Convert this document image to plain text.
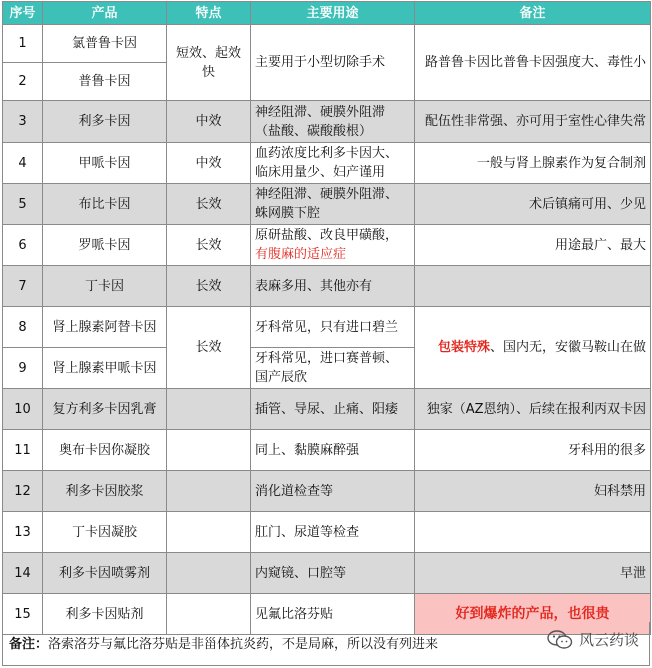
序号	产品	特点	主要用途	备注
1	氯普鲁卡因	短效、起效快	主要用于小型切除手术	路普鲁卡因比普鲁卡因强度大、毒性小
2	普鲁卡因			
3	利多卡因	中效	神经阻滞、硬膜外阻滞（盐酸、碳酸酸根）	配伍性非常强、亦可用于室性心律失常
4	甲哌卡因	中效	血药浓度比利多卡因大、临床用量少、妇产谨用	一般与肾上腺素作为复合制剂
5	布比卡因	长效	神经阻滞、硬膜外阻滞、蛛网膜下腔	术后镇痛可用、少见
6	罗哌卡因	长效	原研盐酸、改良甲磺酸，有腹麻的适应症	用途最广、最大
7	丁卡因	长效	表麻多用、其他亦有	
8	肾上腺素阿替卡因	长效	牙科常见，只有进口碧兰	包装特殊、国内无，安徽马鞍山在做
9	肾上腺素甲哌卡因		牙科常见，进口赛普顿、国产辰欣	
10	复方利多卡因乳膏		插管、导尿、止痛、阳痿	独家（AZ恩纳）、后续在报利丙双卡因
11	奥布卡因你凝胶		同上、黏膜麻醉强	牙科用的很多
12	利多卡因胶浆		消化道检查等	妇科禁用
13	丁卡因凝胶		肛门、尿道等检查	
14	利多卡因喷雾剂		内窥镜、口腔等	早泄
15	利多卡因贴剂		见氟比洛芬贴	好到爆炸的产品，也很贵
备注：洛索洛芬与氟比洛芬贴是非甾体抗炎药，不是局麻，所以没有列进来	风云药谈
